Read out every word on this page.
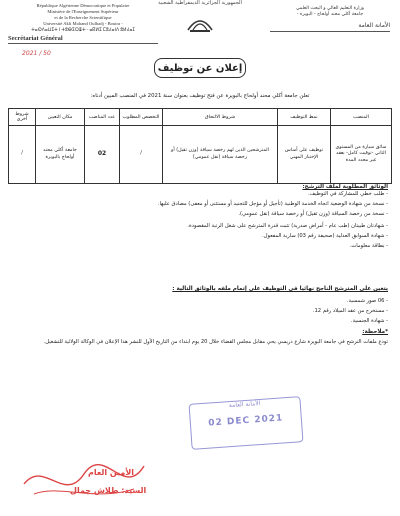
الجمهورية الجزائرية الديمقراطية الشعبية
République Algérienne Démocratique et Populaire
Ministère de l'Enseignement Supérieur
et de la Recherche Scientifique
Université Akli Mohand Oulhadj - Bouira -
ⵜⴰⵙⴷⴰⵡⵉⵜ ⵏ ⵜⵓⴱⵉⵔⴻⵜ - ⴰⴽⵍⵉ ⵎⵓⵃⴰⵏⴷ ⵓⵍⵃⴰⵊ
Secrétariat Général
وزارة التعليم العالي و البحث العلمي
جامعة أكلي محند أولحاج - البويرة -
الأمانة العامة
50 / 2021
إعلان عن توظيف
تعلن جامعة أكلي محند أولحاج بالبويرة عن فتح توظيف بعنوان سنة 2021 في المنصب المبين أدناه:
المنصب	نمط التوظيف	شروط الالتحاق	التخصص المطلوب	عدد المناصب	مكان التعيين	شروط أخرى
سائق سيارة من المستوى الثاني -توقيت كامل- بعقد غير محدد المدة	توظيف على أساس الإختبار المهني	المترشحين الذين لهم رخصة سياقة (وزن ثقيل) أو رخصة سياقة (نقل عمومي)	/	02	جامعة أكلي محند أولحاج بالبويرة	/
الوثائق المطلوبة لملف الترشح:
- طلب خطي للمشاركة في التوظيف.
- نسخة من شهادة الوضعية اتجاه الخدمة الوطنية (تأجيل أو مؤجل للتجنيد أو مستثنى أو معفى) مصادق عليها.
- نسخة من رخصة السياقة (وزن ثقيل) أو رخصة سياقة (نقل عمومي).
- شهادتان طبيتان (طب عام - أمراض صدرية) تثبت قدرة المترشح على شغل الرتبة المقصودة.
- شهادة السوابق العدلية (صحيفة رقم 03) سارية المفعول.
- بطاقة معلومات.
يتعين على المترشح الناجح نهائيا في التوظيف على إتمام ملفه بالوثائق التالية :
- 06 صور شمسية.
- مستخرج من عقد الميلاد رقم 12.
- شهادة الجنسية.
*ملاحظة:
تودع ملفات الترشح في جامعة البويرة شارع دريسي يحي مقابل مجلس القضاء خلال 20 يوم ابتداء من التاريخ الأول للنشر هذا الإعلان في الوكالة الولائية للتشغيل.
الأمانة العامة
02 DEC 2021
الأمين العام
السيد: طلاش جمال
